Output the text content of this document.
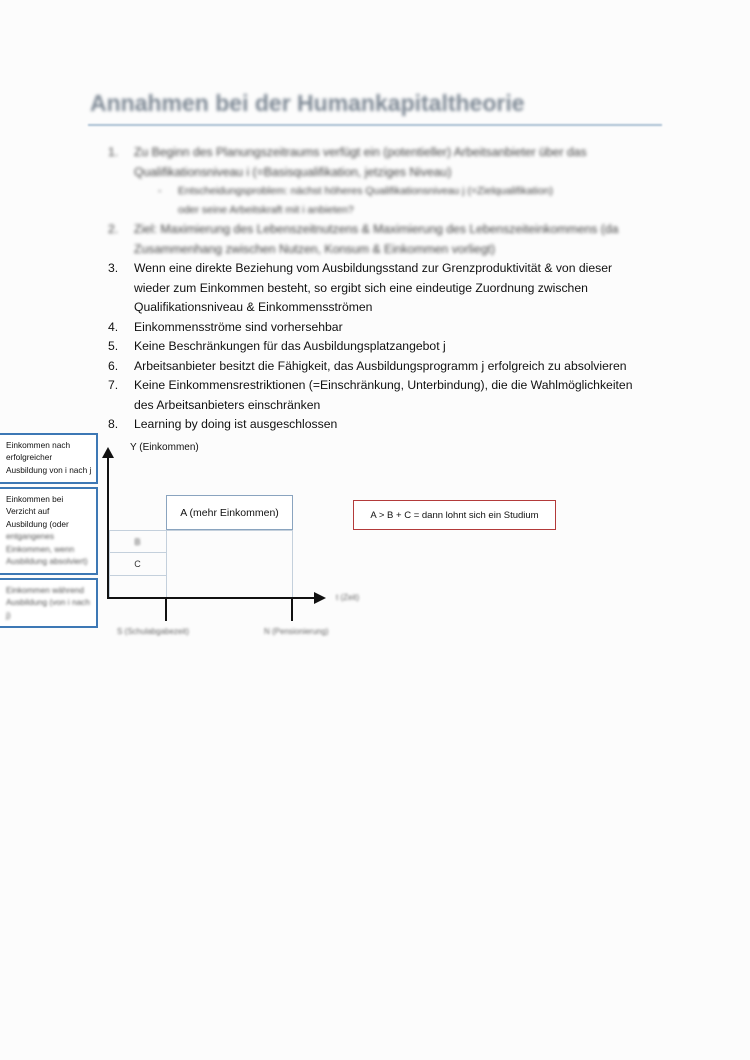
Annahmen bei der Humankapitaltheorie
1. Zu Beginn des Planungszeitraums verfügt ein (potentieller) Arbeitsanbieter über das
Qualifikationsniveau i (=Basisqualifikation, jetziges Niveau)
- Entscheidungsproblem: nächst höheres Qualifikationsniveau j (=Zielqualifikation)
oder seine Arbeitskraft mit i anbieten?
2. Ziel: Maximierung des Lebenszeitnutzens & Maximierung des Lebenszeiteinkommens (da
Zusammenhang zwischen Nutzen, Konsum & Einkommen vorliegt)
3. Wenn eine direkte Beziehung vom Ausbildungsstand zur Grenzproduktivität & von dieser
wieder zum Einkommen besteht, so ergibt sich eine eindeutige Zuordnung zwischen
Qualifikationsniveau & Einkommensströmen
4. Einkommensströme sind vorhersehbar
5. Keine Beschränkungen für das Ausbildungsplatzangebot j
6. Arbeitsanbieter besitzt die Fähigkeit, das Ausbildungsprogramm j erfolgreich zu absolvieren
7. Keine Einkommensrestriktionen (=Einschränkung, Unterbindung), die die Wahlmöglichkeiten
des Arbeitsanbieters einschränken
8. Learning by doing ist ausgeschlossen
Einkommen nach
erfolgreicher
Ausbildung von i nach j
Einkommen bei
Verzicht auf
Ausbildung (oder
entgangenes
Einkommen, wenn
Ausbildung absolviert)
Einkommen während
Ausbildung (von i nach
j)
Y (Einkommen)
t (Zeit)
A (mehr Einkommen)
B
C
S (Schulabgabezeit)	N (Pensionierung)
A > B + C = dann lohnt sich ein Studium
